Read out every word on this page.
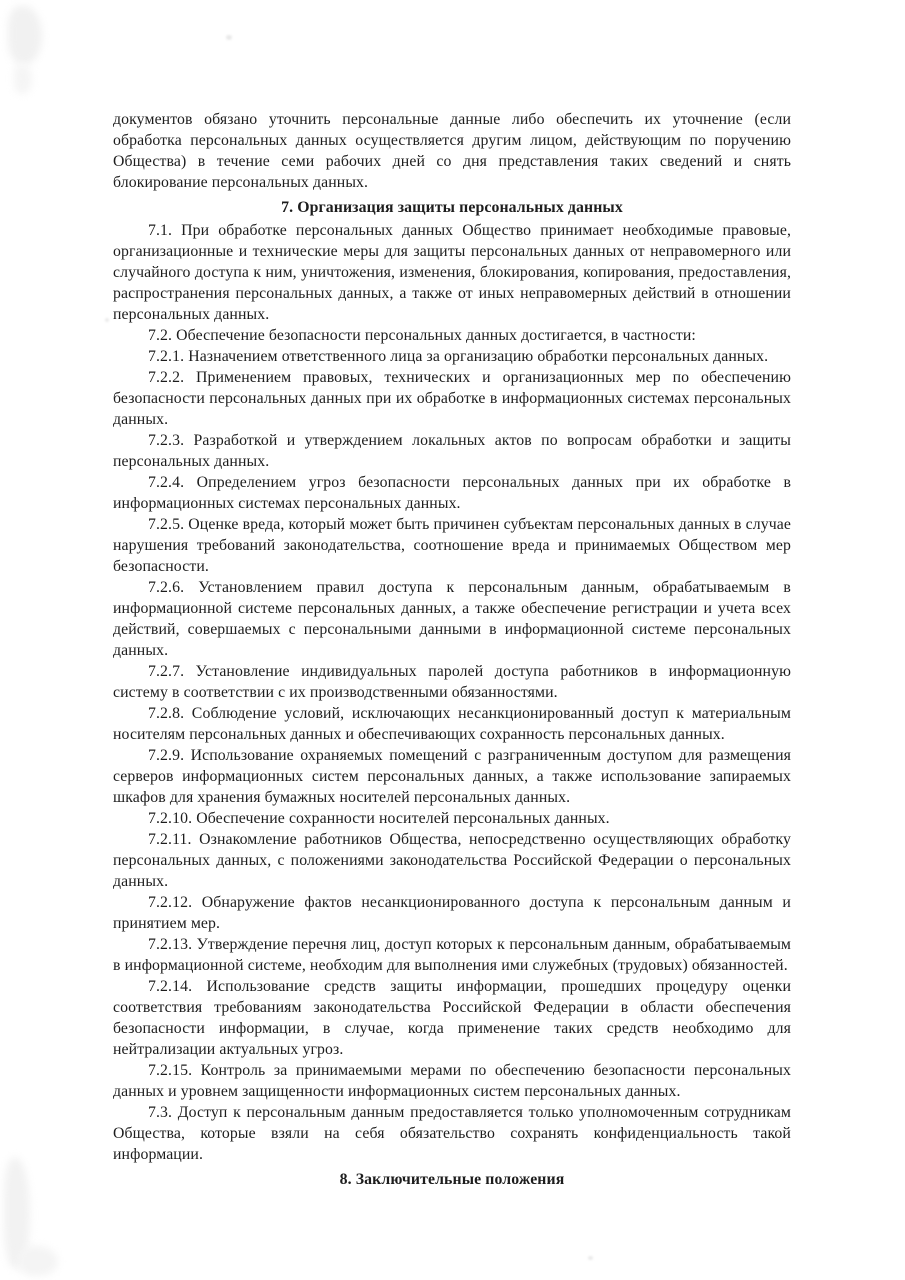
документов обязано уточнить персональные данные либо обеспечить их уточнение (если обработка персональных данных осуществляется другим лицом, действующим по поручению Общества) в течение семи рабочих дней со дня представления таких сведений и снять блокирование персональных данных.

7. Организация защиты персональных данных

7.1. При обработке персональных данных Общество принимает необходимые правовые, организационные и технические меры для защиты персональных данных от неправомерного или случайного доступа к ним, уничтожения, изменения, блокирования, копирования, предоставления, распространения персональных данных, а также от иных неправомерных действий в отношении персональных данных.

7.2. Обеспечение безопасности персональных данных достигается, в частности:

7.2.1. Назначением ответственного лица за организацию обработки персональных данных.

7.2.2. Применением правовых, технических и организационных мер по обеспечению безопасности персональных данных при их обработке в информационных системах персональных данных.

7.2.3. Разработкой и утверждением локальных актов по вопросам обработки и защиты персональных данных.

7.2.4. Определением угроз безопасности персональных данных при их обработке в информационных системах персональных данных.

7.2.5. Оценке вреда, который может быть причинен субъектам персональных данных в случае нарушения требований законодательства, соотношение вреда и принимаемых Обществом мер безопасности.

7.2.6. Установлением правил доступа к персональным данным, обрабатываемым в информационной системе персональных данных, а также обеспечение регистрации и учета всех действий, совершаемых с персональными данными в информационной системе персональных данных.

7.2.7. Установление индивидуальных паролей доступа работников в информационную систему в соответствии с их производственными обязанностями.

7.2.8. Соблюдение условий, исключающих несанкционированный доступ к материальным носителям персональных данных и обеспечивающих сохранность персональных данных.

7.2.9. Использование охраняемых помещений с разграниченным доступом для размещения серверов информационных систем персональных данных, а также использование запираемых шкафов для хранения бумажных носителей персональных данных.

7.2.10. Обеспечение сохранности носителей персональных данных.

7.2.11. Ознакомление работников Общества, непосредственно осуществляющих обработку персональных данных, с положениями законодательства Российской Федерации о персональных данных.

7.2.12. Обнаружение фактов несанкционированного доступа к персональным данным и принятием мер.

7.2.13. Утверждение перечня лиц, доступ которых к персональным данным, обрабатываемым в информационной системе, необходим для выполнения ими служебных (трудовых) обязанностей.

7.2.14. Использование средств защиты информации, прошедших процедуру оценки соответствия требованиям законодательства Российской Федерации в области обеспечения безопасности информации, в случае, когда применение таких средств необходимо для нейтрализации актуальных угроз.

7.2.15. Контроль за принимаемыми мерами по обеспечению безопасности персональных данных и уровнем защищенности информационных систем персональных данных.

7.3. Доступ к персональным данным предоставляется только уполномоченным сотрудникам Общества, которые взяли на себя обязательство сохранять конфиденциальность такой информации.

8. Заключительные положения
